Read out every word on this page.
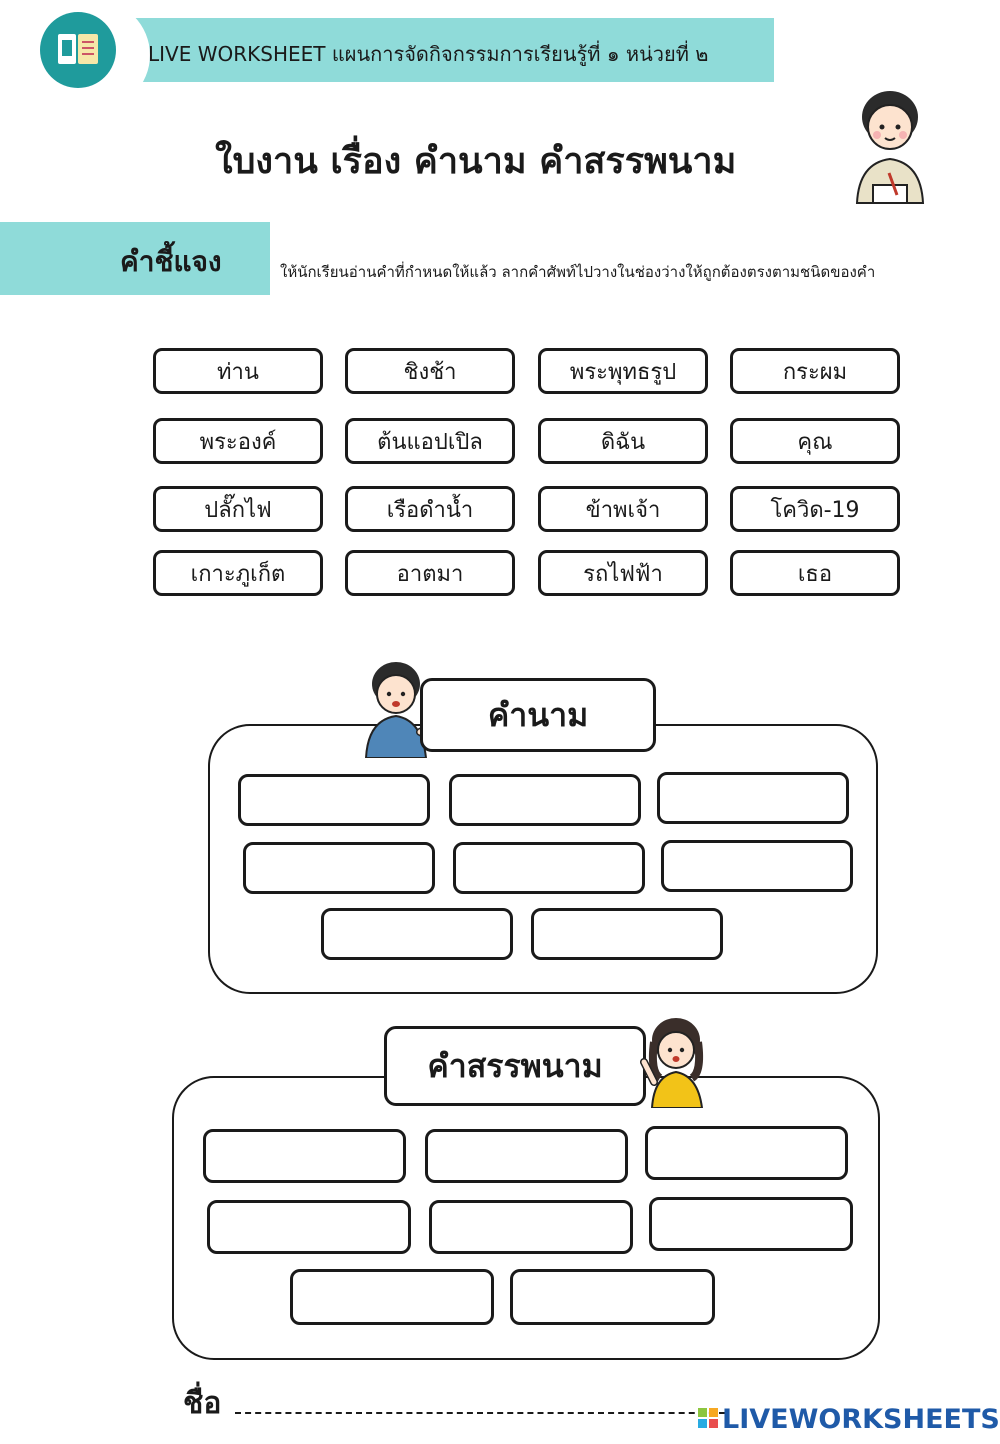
LIVE WORKSHEET แผนการจัดกิจกรรมการเรียนรู้ที่ ๑ หน่วยที่ ๒
ใบงาน เรื่อง คำนาม คำสรรพนาม
คำชี้แจง	ให้นักเรียนอ่านคำที่กำหนดให้แล้ว ลากคำศัพท์ไปวางในช่องว่างให้ถูกต้องตรงตามชนิดของคำ
ท่าน	ชิงช้า	พระพุทธรูป	กระผม
พระองค์	ต้นแอปเปิล	ดิฉัน	คุณ
ปลั๊กไฟ	เรือดำน้ำ	ข้าพเจ้า	โควิด-19
เกาะภูเก็ต	อาตมา	รถไฟฟ้า	เธอ
คำนาม
คำสรรพนาม
ชื่อ	LIVEWORKSHEETS
